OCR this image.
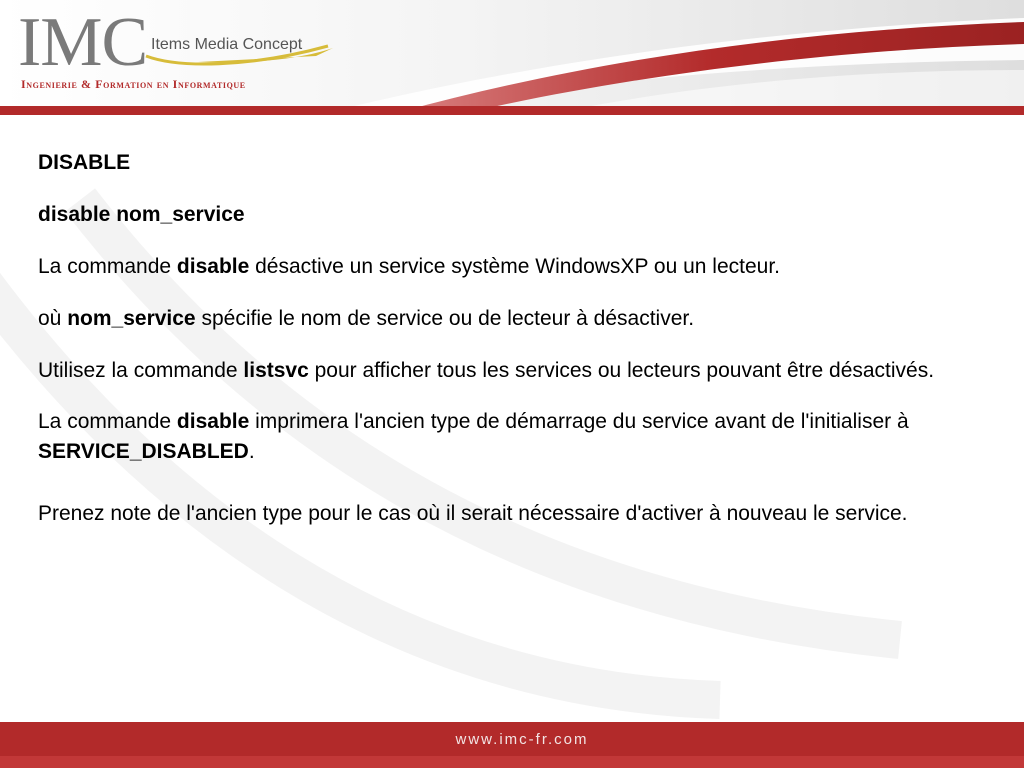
IMC Items Media Concept
Ingenierie & Formation en Informatique

DISABLE

disable nom_service

La commande disable désactive un service système WindowsXP ou un lecteur.

où nom_service spécifie le nom de service ou de lecteur à désactiver.

Utilisez la commande listsvc pour afficher tous les services ou lecteurs pouvant être désactivés.

La commande disable imprimera l'ancien type de démarrage du service avant de l'initialiser à SERVICE_DISABLED.

Prenez note de l'ancien type pour le cas où il serait nécessaire d'activer à nouveau le service.

www.imc-fr.com
